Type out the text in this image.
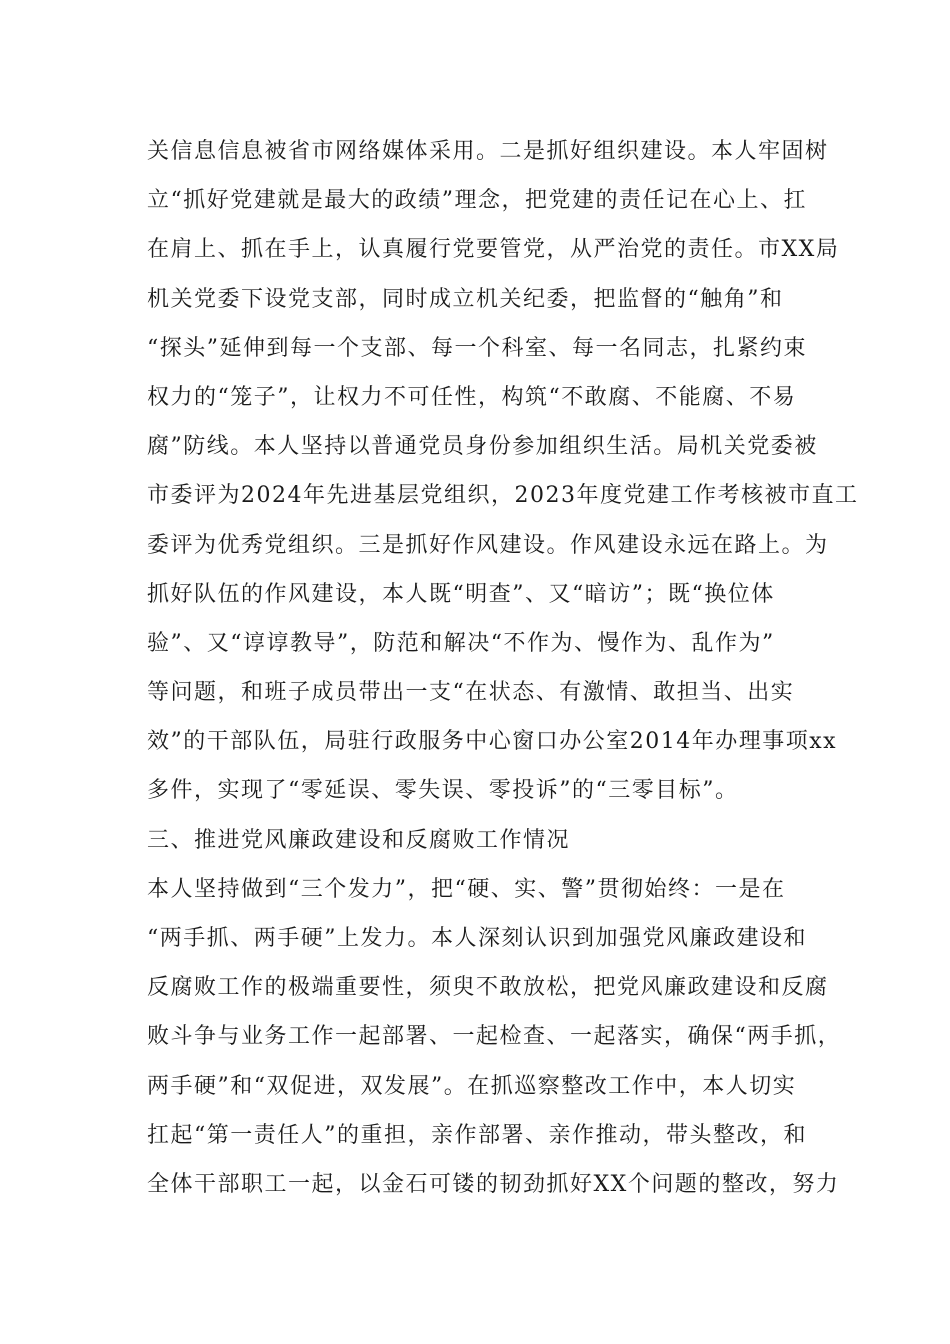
关信息信息被省市网络媒体采用。二是抓好组织建设。本人牢固树
立“抓好党建就是最大的政绩”理念，把党建的责任记在心上、扛
在肩上、抓在手上，认真履行党要管党，从严治党的责任。市XX局
机关党委下设党支部，同时成立机关纪委，把监督的“触角”和
“探头”延伸到每一个支部、每一个科室、每一名同志，扎紧约束
权力的“笼子”，让权力不可任性，构筑“不敢腐、不能腐、不易
腐”防线。本人坚持以普通党员身份参加组织生活。局机关党委被
市委评为2024年先进基层党组织，2023年度党建工作考核被市直工
委评为优秀党组织。三是抓好作风建设。作风建设永远在路上。为
抓好队伍的作风建设，本人既“明查”、又“暗访”；既“换位体
验”、又“谆谆教导”，防范和解决“不作为、慢作为、乱作为”
等问题，和班子成员带出一支“在状态、有激情、敢担当、出实
效”的干部队伍，局驻行政服务中心窗口办公室2014年办理事项xx
多件，实现了“零延误、零失误、零投诉”的“三零目标”。
三、推进党风廉政建设和反腐败工作情况
本人坚持做到“三个发力”，把“硬、实、警”贯彻始终：一是在
“两手抓、两手硬”上发力。本人深刻认识到加强党风廉政建设和
反腐败工作的极端重要性，须臾不敢放松，把党风廉政建设和反腐
败斗争与业务工作一起部署、一起检查、一起落实，确保“两手抓，
两手硬”和“双促进，双发展”。在抓巡察整改工作中，本人切实
扛起“第一责任人”的重担，亲作部署、亲作推动，带头整改，和
全体干部职工一起，以金石可镂的韧劲抓好XX个问题的整改，努力
